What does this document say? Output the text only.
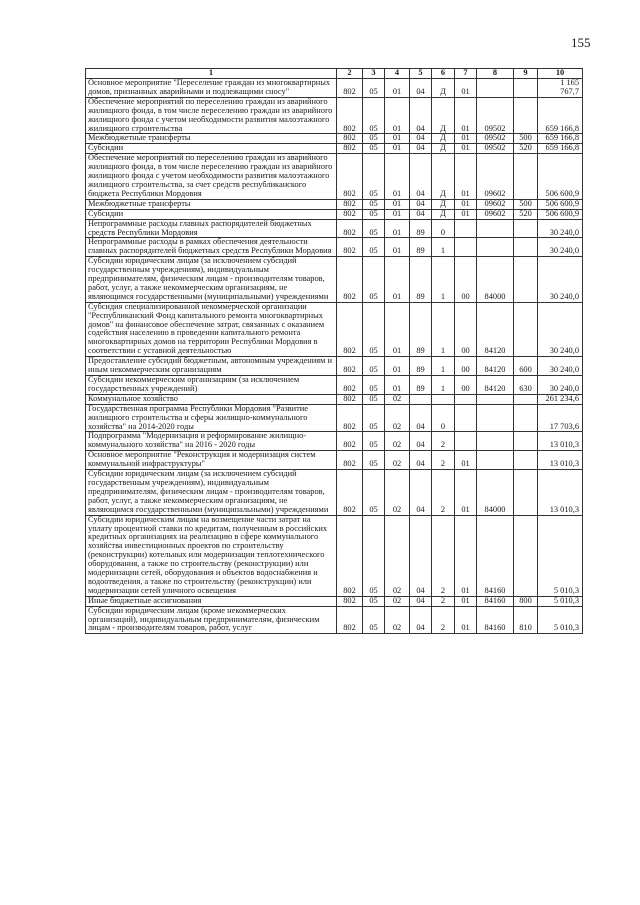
155
1	2	3	4	5	6	7	8	9	10
Основное мероприятие "Переселение граждан из многоквартирных домов, признанных аварийными и подлежащими сносу"	802	05	01	04	Д	01			1 165 767,7
Обеспечение мероприятий по переселению граждан из аварийного жилищного фонда, в том числе переселению граждан из аварийного жилищного фонда с учетом необходимости развития малоэтажного жилищного строительства	802	05	01	04	Д	01	09502		659 166,8
Межбюджетные трансферты	802	05	01	04	Д	01	09502	500	659 166,8
Субсидии	802	05	01	04	Д	01	09502	520	659 166,8
Обеспечение мероприятий по переселению граждан из аварийного жилищного фонда, в том числе переселению граждан из аварийного жилищного фонда с учетом необходимости развития малоэтажного жилищного строительства, за счет средств республиканского бюджета Республики Мордовия	802	05	01	04	Д	01	09602		506 600,9
Межбюджетные трансферты	802	05	01	04	Д	01	09602	500	506 600,9
Субсидии	802	05	01	04	Д	01	09602	520	506 600,9
Непрограммные расходы главных распорядителей бюджетных средств Республики Мордовия	802	05	01	89	0				30 240,0
Непрограммные расходы в рамках обеспечения деятельности главных распорядителей бюджетных средств Республики Мордовия	802	05	01	89	1				30 240,0
Субсидии юридическим лицам (за исключением субсидий государственным учреждениям), индивидуальным предпринимателям, физическим лицам - производителям товаров, работ, услуг, а также некоммерческим организациям, не являющимся государственными (муниципальными) учреждениями	802	05	01	89	1	00	84000		30 240,0
Субсидия специализированной некоммерческой организации "Республиканский Фонд капитального ремонта многоквартирных домов" на финансовое обеспечение затрат, связанных с оказанием содействия населению в проведении капитального ремонта многоквартирных домов на территории Республики Мордовия в соответствии с уставной деятельностью	802	05	01	89	1	00	84120		30 240,0
Предоставление субсидий бюджетным, автономным учреждениям и иным некоммерческим организациям	802	05	01	89	1	00	84120	600	30 240,0
Субсидии некоммерческим организациям (за исключением государственных учреждений)	802	05	01	89	1	00	84120	630	30 240,0
Коммунальное хозяйство	802	05	02						261 234,6
Государственная программа Республики Мордовия "Развитие жилищного строительства и сферы жилищно-коммунального хозяйства" на 2014-2020 годы	802	05	02	04	0				17 703,6
Подпрограмма "Модернизация и реформирование жилищно-коммунального хозяйства" на 2016 - 2020 годы	802	05	02	04	2				13 010,3
Основное мероприятие "Реконструкция и модернизация систем коммунальной инфраструктуры"	802	05	02	04	2	01			13 010,3
Субсидии юридическим лицам (за исключением субсидий государственным учреждениям), индивидуальным предпринимателям, физическим лицам - производителям товаров, работ, услуг, а также некоммерческим организациям, не являющимся государственными (муниципальными) учреждениями	802	05	02	04	2	01	84000		13 010,3
Субсидии юридическим лицам на возмещение части затрат на уплату процентной ставки по кредитам, полученным в российских кредитных организациях на реализацию в сфере коммунального хозяйства инвестиционных проектов по строительству (реконструкции) котельных или модернизации теплотехнического оборудования, а также по строительству (реконструкции) или модернизации сетей, оборудования и объектов водоснабжения и водоотведения, а также по строительству (реконструкции) или модернизации сетей уличного освещения	802	05	02	04	2	01	84160		5 010,3
Иные бюджетные ассигнования	802	05	02	04	2	01	84160	800	5 010,3
Субсидии юридическим лицам (кроме некоммерческих организаций), индивидуальным предпринимателям, физическим лицам - производителям товаров, работ, услуг	802	05	02	04	2	01	84160	810	5 010,3
